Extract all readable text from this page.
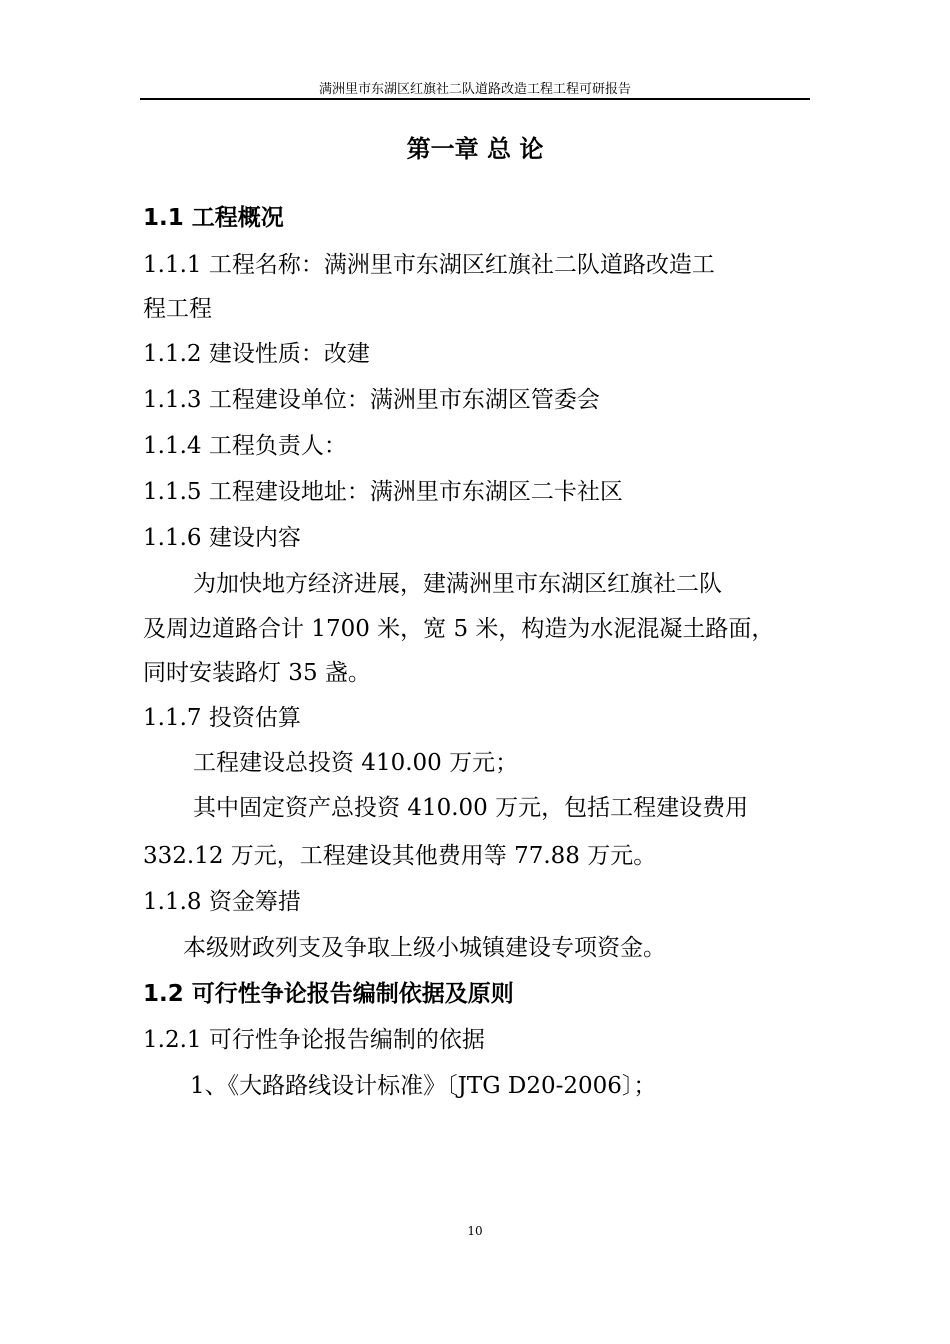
满洲里市东湖区红旗社二队道路改造工程工程可研报告
第一章 总 论
1.1 工程概况
1.1.1 工程名称：满洲里市东湖区红旗社二队道路改造工
程工程
1.1.2 建设性质：改建
1.1.3 工程建设单位：满洲里市东湖区管委会
1.1.4 工程负责人：
1.1.5 工程建设地址：满洲里市东湖区二卡社区
1.1.6 建设内容
为加快地方经济进展，建满洲里市东湖区红旗社二队
及周边道路合计 1700 米，宽 5 米，构造为水泥混凝土路面，
同时安装路灯 35 盏。
1.1.7 投资估算
工程建设总投资 410.00 万元；
其中固定资产总投资 410.00 万元，包括工程建设费用
332.12 万元，工程建设其他费用等 77.88 万元。
1.1.8 资金筹措
本级财政列支及争取上级小城镇建设专项资金。
1.2 可行性争论报告编制依据及原则
1.2.1 可行性争论报告编制的依据
1、《大路路线设计标准》〔JTG D20-2006〕；
10
